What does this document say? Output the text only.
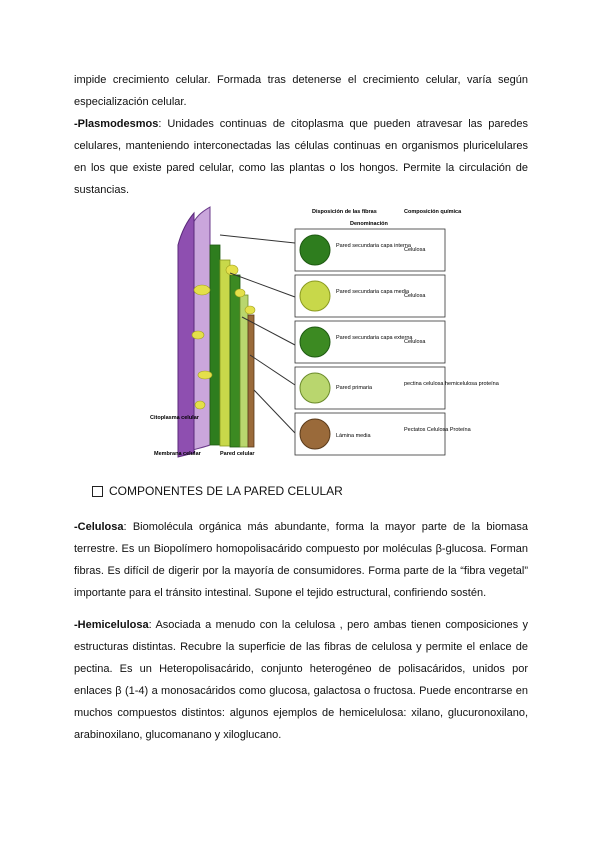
impide crecimiento celular. Formada tras detenerse el crecimiento celular, varía según especialización celular.

-Plasmodesmos: Unidades continuas de citoplasma que pueden atravesar las paredes celulares, manteniendo interconectadas las células continuas en organismos pluricelulares en los que existe pared celular, como las plantas o los hongos. Permite la circulación de sustancias.

Disposición de las fibras
Denominación
Composición química
Pared secundaria capa interna
Celulosa
Pared secundaria capa media
Celulosa
Pared secundaria capa externa
Celulosa
Pared primaria
pectina celulosa hemicelulosa proteína
Lámina media
Pectatos Celulosa Proteína
Citoplasma celular
Membrana celular	Pared celular
COMPONENTES DE LA PARED CELULAR

-Celulosa: Biomolécula orgánica más abundante, forma la mayor parte de la biomasa terrestre. Es un Biopolímero homopolisacárido compuesto por moléculas β-glucosa. Forman fibras. Es difícil de digerir por la mayoría de consumidores. Forma parte de la “fibra vegetal” importante para el tránsito intestinal. Supone el tejido estructural, confiriendo sostén.

-Hemicelulosa: Asociada a menudo con la celulosa , pero ambas tienen composiciones y estructuras distintas. Recubre la superficie de las fibras de celulosa y permite el enlace de pectina. Es un Heteropolisacárido, conjunto heterogéneo de polisacáridos, unidos por enlaces β (1-4) a monosacáridos como glucosa, galactosa o fructosa. Puede encontrarse en muchos compuestos distintos: algunos ejemplos de hemicelulosa: xilano, glucuronoxilano, arabinoxilano, glucomanano y xiloglucano.
